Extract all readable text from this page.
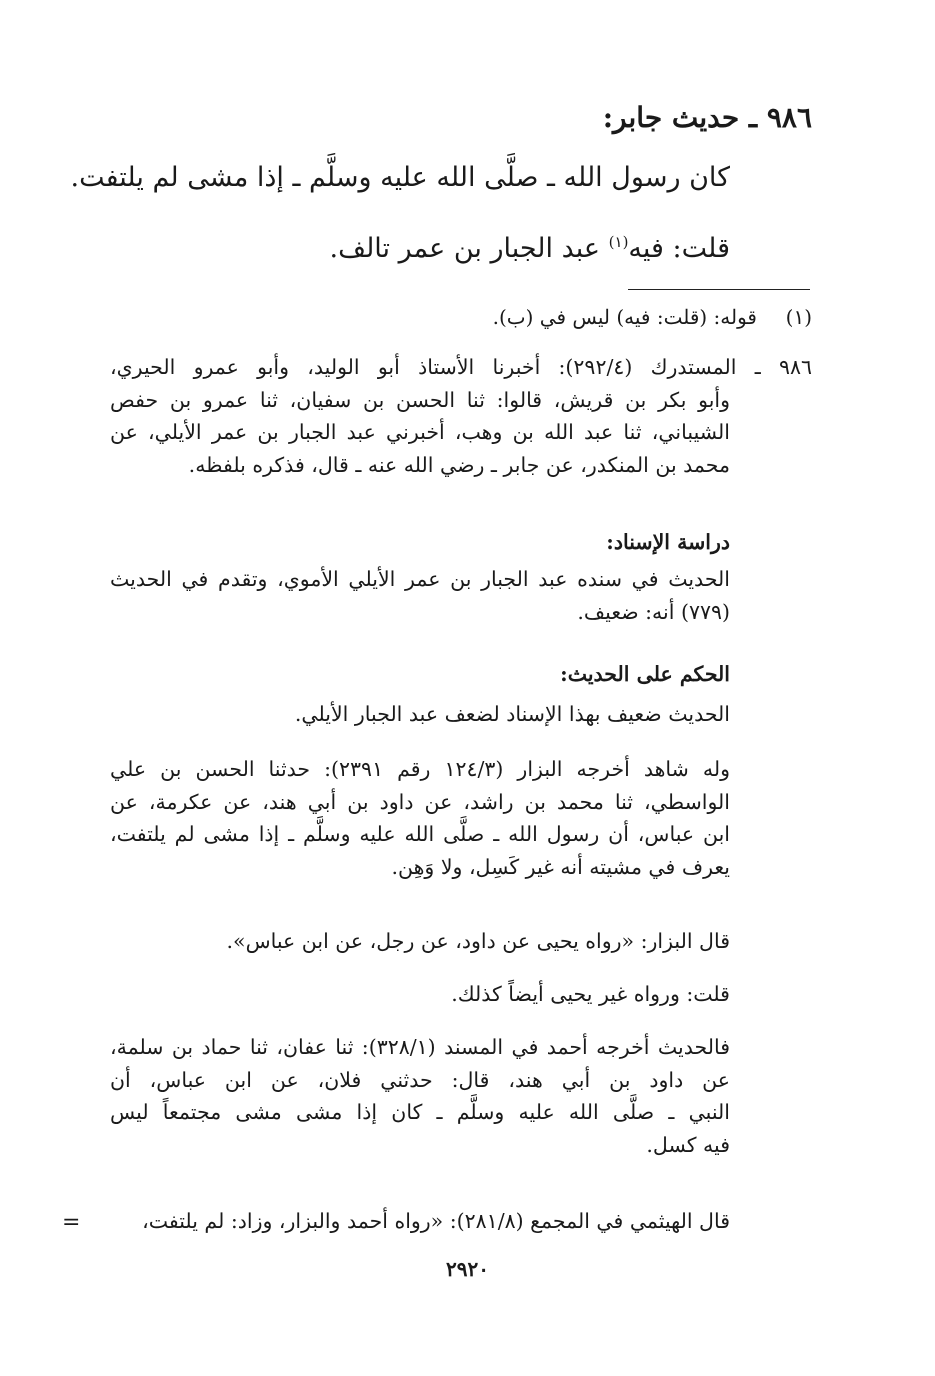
٩٨٦ ـ حديث جابر:
كان رسول الله ـ صلَّى الله عليه وسلَّم ـ إذا مشى لم يلتفت.
قلت: فيه$^{(١)}$ عبد الجبار بن عمر تالف.
(١)قوله: (قلت: فيه) ليس في (ب).
٩٨٦ ـ المستدرك (٢٩٢/٤): أخبرنا الأستاذ أبو الوليد، وأبو عمرو الحيري،
وأبو بكر بن قريش، قالوا: ثنا الحسن بن سفيان، ثنا عمرو بن حفص
الشيباني، ثنا عبد الله بن وهب، أخبرني عبد الجبار بن عمر الأيلي، عن
محمد بن المنكدر، عن جابر ـ رضي الله عنه ـ قال، فذكره بلفظه.
دراسة الإسناد:
الحديث في سنده عبد الجبار بن عمر الأيلي الأموي، وتقدم في الحديث
(٧٧٩) أنه: ضعيف.
الحكم على الحديث:
الحديث ضعيف بهذا الإسناد لضعف عبد الجبار الأيلي.
وله شاهد أخرجه البزار (١٢٤/٣ رقم ٢٣٩١): حدثنا الحسن بن علي
الواسطي، ثنا محمد بن راشد، عن داود بن أبي هند، عن عكرمة، عن
ابن عباس، أن رسول الله ـ صلَّى الله عليه وسلَّم ـ إذا مشى لم يلتفت،
يعرف في مشيته أنه غير كَسِل، ولا وَهِن.
قال البزار: «رواه يحيى عن داود، عن رجل، عن ابن عباس».
قلت: ورواه غير يحيى أيضاً كذلك.
فالحديث أخرجه أحمد في المسند (٣٢٨/١): ثنا عفان، ثنا حماد بن سلمة،
عن داود بن أبي هند، قال: حدثني فلان، عن ابن عباس، أن
النبي ـ صلَّى الله عليه وسلَّم ـ كان إذا مشى مشى مجتمعاً ليس
فيه كسل.
قال الهيثمي في المجمع (٢٨١/٨): «رواه أحمد والبزار، وزاد: لم يلتفت،
=
٢٩٢٠
